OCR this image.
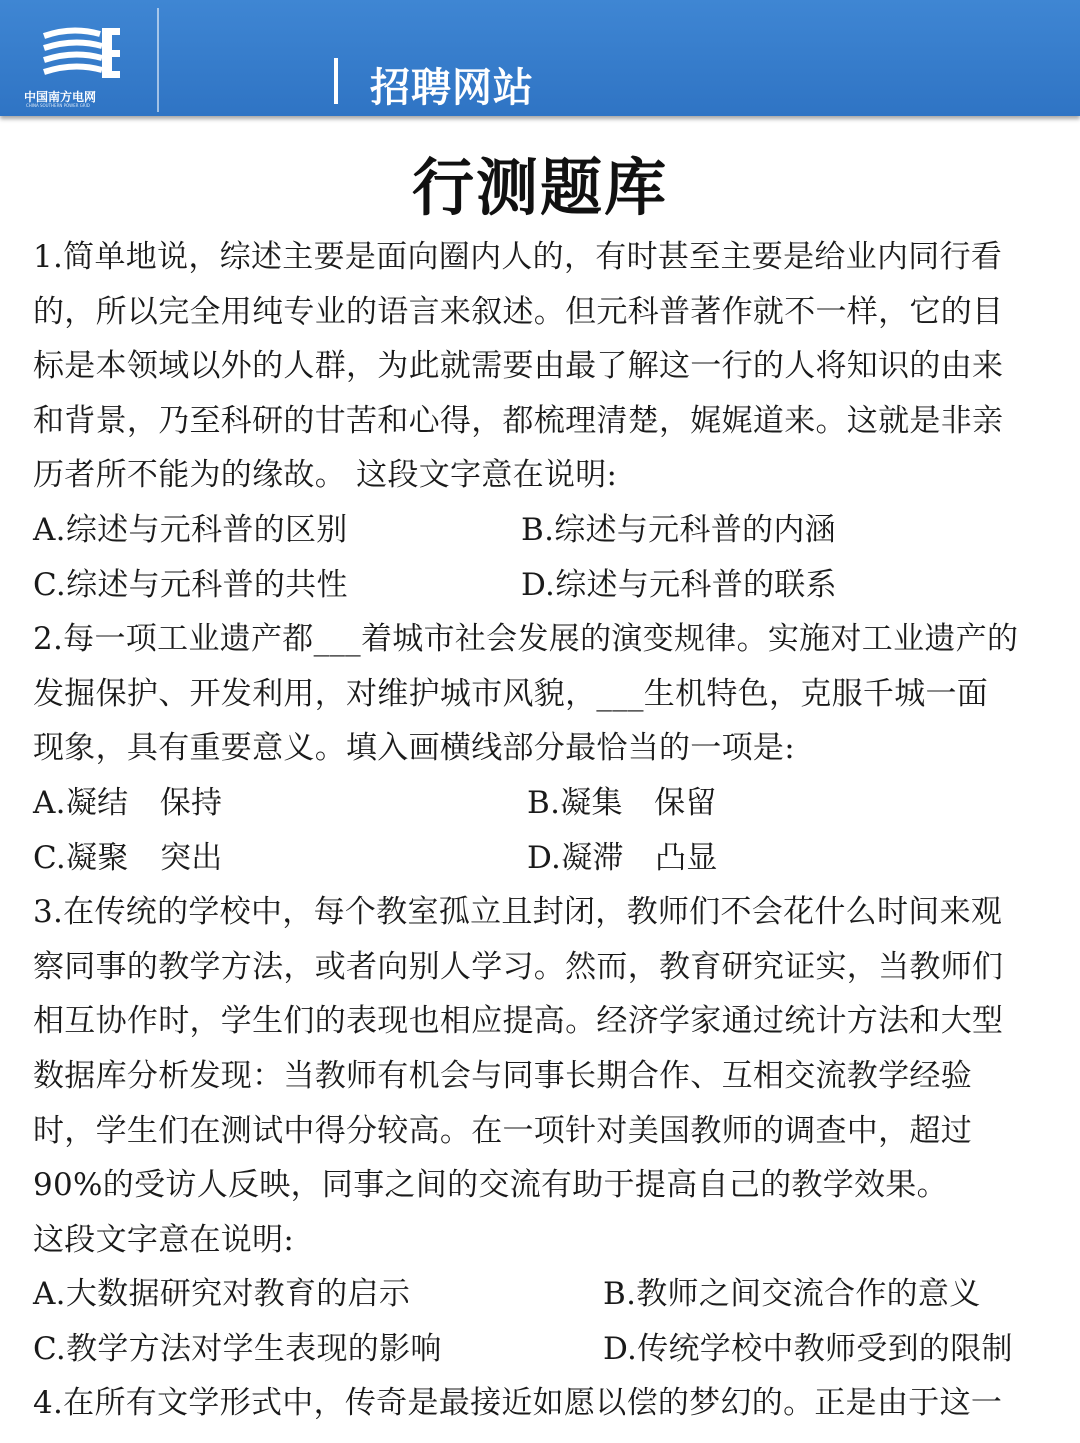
中国南方电网
CHINA SOUTHERN POWER GRID	招聘网站
行测题库
1.简单地说，综述主要是面向圈内人的，有时甚至主要是给业内同行看
的，所以完全用纯专业的语言来叙述。但元科普著作就不一样，它的目
标是本领域以外的人群，为此就需要由最了解这一行的人将知识的由来
和背景，乃至科研的甘苦和心得，都梳理清楚，娓娓道来。这就是非亲
历者所不能为的缘故。 这段文字意在说明:
A.综述与元科普的区别	B.综述与元科普的内涵
C.综述与元科普的共性	D.综述与元科普的联系
2.每一项工业遗产都___着城市社会发展的演变规律。实施对工业遗产的
发掘保护、开发利用，对维护城市风貌，___生机特色，克服千城一面
现象，具有重要意义。填入画横线部分最恰当的一项是:
A.凝结　保持	B.凝集　保留
C.凝聚　突出	D.凝滞　凸显
3.在传统的学校中，每个教室孤立且封闭，教师们不会花什么时间来观
察同事的教学方法，或者向别人学习。然而，教育研究证实，当教师们
相互协作时，学生们的表现也相应提高。经济学家通过统计方法和大型
数据库分析发现：当教师有机会与同事长期合作、互相交流教学经验
时，学生们在测试中得分较高。在一项针对美国教师的调查中，超过
90%的受访人反映，同事之间的交流有助于提高自己的教学效果。
这段文字意在说明:
A.大数据研究对教育的启示	B.教师之间交流合作的意义
C.教学方法对学生表现的影响	D.传统学校中教师受到的限制
4.在所有文学形式中，传奇是最接近如愿以偿的梦幻的。正是由于这一
